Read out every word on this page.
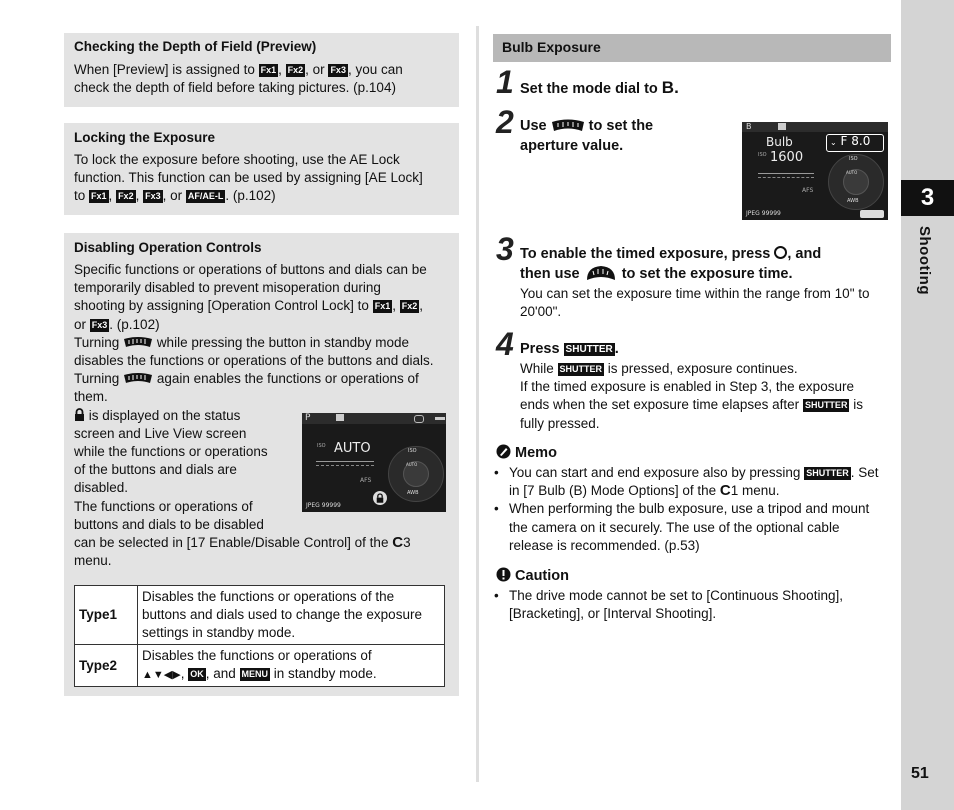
Checking the Depth of Field (Preview)
When [Preview] is assigned to Fx1 , Fx2 , or Fx3 , you can
check the depth of field before taking pictures. (p.104)
Locking the Exposure
To lock the exposure before shooting, use the AE Lock
function. This function can be used by assigning [AE Lock]
to Fx1 , Fx2 , Fx3 , or AF/AE-L . (p.102)
Disabling Operation Controls
Specific functions or operations of buttons and dials can be
temporarily disabled to prevent misoperation during
shooting by assigning [Operation Control Lock] to Fx1 , Fx2 ,
or Fx3 . (p.102)
Turning	while pressing the button in standby mode
disables the functions or operations of the buttons and dials.
Turning	again enables the functions or operations of
them.
is displayed on the status
screen and Live View screen
while the functions or operations
of the buttons and dials are
disabled.
The functions or operations of
buttons and dials to be disabled
can be selected in [17 Enable/Disable Control] of the C3
menu.
P
ISO AUTO
AFS
ISO
AUTO
AWB
JPEG 99999
Type1	Disables the functions or operations of the buttons and dials used to change the exposure settings in standby mode.
Type2	Disables the functions or operations of
▲▼◀▶, OK , and MENU in standby mode.
Bulb Exposure
1 Set the mode dial to B.
2 Use	to set the
aperture value.
B
Bulb	⌄ F 8.0
ISO 1600
AFS
ISO
AUTO
AWB
JPEG 99999
3 To enable the timed exposure, press , and
then use	to set the exposure time.
You can set the exposure time within the range from 10" to
20'00".
4 Press SHUTTER .
While SHUTTER is pressed, exposure continues.
If the timed exposure is enabled in Step 3, the exposure
ends when the set exposure time elapses after SHUTTER is
fully pressed.
Memo
• You can start and end exposure also by pressing SHUTTER . Set
in [7 Bulb (B) Mode Options] of the C1 menu.
• When performing the bulb exposure, use a tripod and mount
the camera on it securely. The use of the optional cable
release is recommended. (p.53)
Caution
• The drive mode cannot be set to [Continuous Shooting],
[Bracketing], or [Interval Shooting].
3
Shooting
51
